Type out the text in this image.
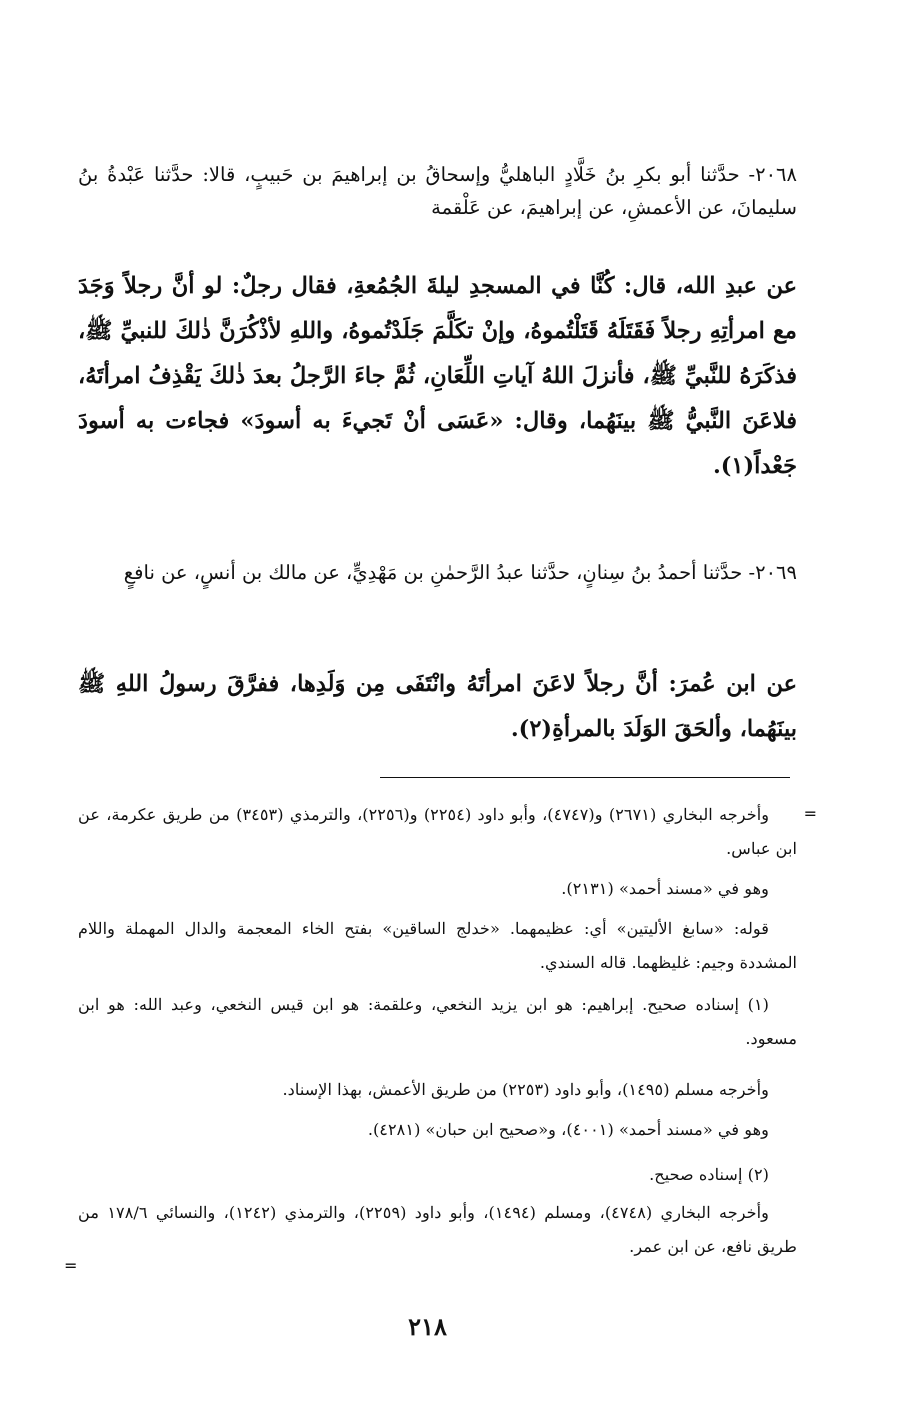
٢٠٦٨- حدَّثنا أبو بكرِ بنُ خَلَّادٍ الباهليُّ وإسحاقُ بن إبراهيمَ بن حَبيبٍ، قالا: حدَّثنا عَبْدةُ بنُ سليمانَ، عن الأعمشِ، عن إبراهيمَ، عن عَلْقمة
عن عبدِ الله، قال: كُنَّا في المسجدِ ليلةَ الجُمُعةِ، فقال رجلٌ: لو أنَّ رجلاً وَجَدَ مع امرأتِهِ رجلاً فَقَتَلَهُ قَتَلْتُموهُ، وإنْ تكَلَّمَ جَلَدْتُموهُ، واللهِ لأذْكُرَنَّ ذٰلكَ للنبيِّ ﷺ، فذكَرَهُ للنَّبيِّ ﷺ، فأنزلَ اللهُ آياتِ اللِّعَانِ، ثُمَّ جاءَ الرَّجلُ بعدَ ذٰلكَ يَقْذِفُ امرأتَهُ، فلاعَنَ النَّبيُّ ﷺ بينَهُما، وقال: «عَسَى أنْ تَجيءَ به أسودَ» فجاءت به أسودَ جَعْداً(١).
٢٠٦٩- حدَّثنا أحمدُ بنُ سِنانٍ، حدَّثنا عبدُ الرَّحمٰنِ بن مَهْدِيٍّ، عن مالك بن أنسٍ، عن نافعٍ
عن ابن عُمرَ: أنَّ رجلاً لاعَنَ امرأتَهُ وانْتَفَى مِن وَلَدِها، ففرَّقَ رسولُ اللهِ ﷺ بينَهُما، وألحَقَ الوَلَدَ بالمرأةِ(٢).
=
وأخرجه البخاري (٢٦٧١) و(٤٧٤٧)، وأبو داود (٢٢٥٤) و(٢٢٥٦)، والترمذي (٣٤٥٣) من طريق عكرمة، عن ابن عباس.
وهو في «مسند أحمد» (٢١٣١).
قوله: «سابغ الأليتين» أي: عظيمهما. «خدلج الساقين» بفتح الخاء المعجمة والدال المهملة واللام المشددة وجيم: غليظهما. قاله السندي.
(١) إسناده صحيح. إبراهيم: هو ابن يزيد النخعي، وعلقمة: هو ابن قيس النخعي، وعبد الله: هو ابن مسعود.
وأخرجه مسلم (١٤٩٥)، وأبو داود (٢٢٥٣) من طريق الأعمش، بهذا الإسناد.
وهو في «مسند أحمد» (٤٠٠١)، و«صحيح ابن حبان» (٤٢٨١).
(٢) إسناده صحيح.
وأخرجه البخاري (٤٧٤٨)، ومسلم (١٤٩٤)، وأبو داود (٢٢٥٩)، والترمذي (١٢٤٢)، والنسائي ١٧٨/٦ من طريق نافع، عن ابن عمر.
=
٢١٨
